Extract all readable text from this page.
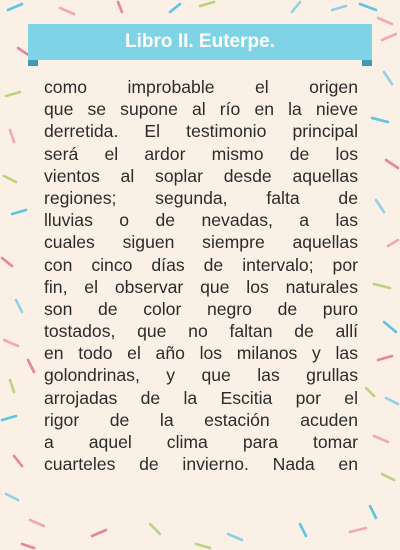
Libro II. Euterpe.
como improbable el origen
que se supone al río en la nieve
derretida. El testimonio principal
será el ardor mismo de los
vientos al soplar desde aquellas
regiones; segunda, falta de
lluvias o de nevadas, a las
cuales siguen siempre aquellas
con cinco días de intervalo; por
fin, el observar que los naturales
son de color negro de puro
tostados, que no faltan de allí
en todo el año los milanos y las
golondrinas, y que las grullas
arrojadas de la Escitia por el
rigor de la estación acuden
a aquel clima para tomar
cuarteles de invierno. Nada en
